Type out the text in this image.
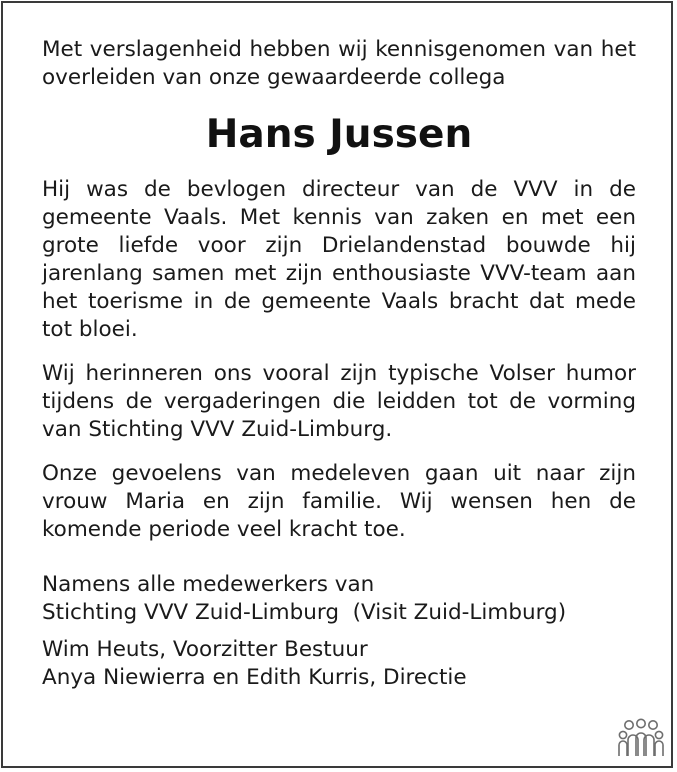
Met verslagenheid hebben wij kennisgenomen van het overleiden van onze gewaardeerde collega

Hans Jussen

Hij was de bevlogen directeur van de VVV in de gemeente Vaals. Met kennis van zaken en met een grote liefde voor zijn Drielandenstad bouwde hij jarenlang samen met zijn enthousiaste VVV-team aan het toerisme in de gemeente Vaals bracht dat mede tot bloei.

Wij herinneren ons vooral zijn typische Volser humor tijdens de vergaderingen die leidden tot de vorming van Stichting VVV Zuid-Limburg.

Onze gevoelens van medeleven gaan uit naar zijn vrouw Maria en zijn familie. Wij wensen hen de komende periode veel kracht toe.

Namens alle medewerkers van
Stichting VVV Zuid-Limburg  (Visit Zuid-Limburg)
Wim Heuts, Voorzitter Bestuur
Anya Niewierra en Edith Kurris, Directie
